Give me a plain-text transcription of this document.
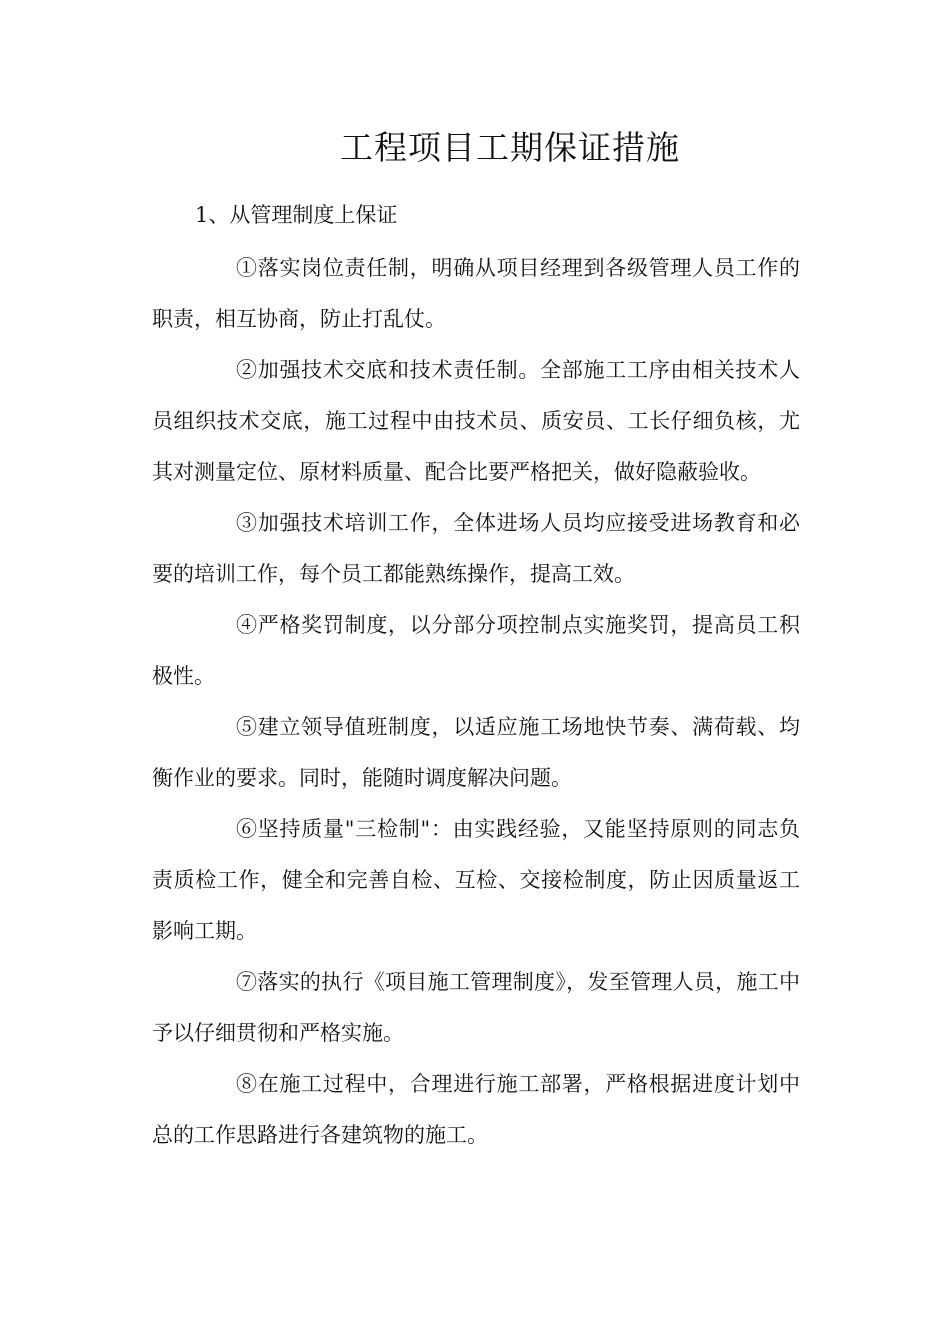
工程项目工期保证措施

1、从管理制度上保证

①落实岗位责任制，明确从项目经理到各级管理人员工作的职责，相互协商，防止打乱仗。

②加强技术交底和技术责任制。全部施工工序由相关技术人员组织技术交底，施工过程中由技术员、质安员、工长仔细负核，尤其对测量定位、原材料质量、配合比要严格把关，做好隐蔽验收。

③加强技术培训工作，全体进场人员均应接受进场教育和必要的培训工作，每个员工都能熟练操作，提高工效。

④严格奖罚制度，以分部分项控制点实施奖罚，提高员工积极性。

⑤建立领导值班制度，以适应施工场地快节奏、满荷载、均衡作业的要求。同时，能随时调度解决问题。

⑥坚持质量"三检制"：由实践经验，又能坚持原则的同志负责质检工作，健全和完善自检、互检、交接检制度，防止因质量返工影响工期。

⑦落实的执行《项目施工管理制度》，发至管理人员，施工中予以仔细贯彻和严格实施。

⑧在施工过程中，合理进行施工部署，严格根据进度计划中总的工作思路进行各建筑物的施工。
